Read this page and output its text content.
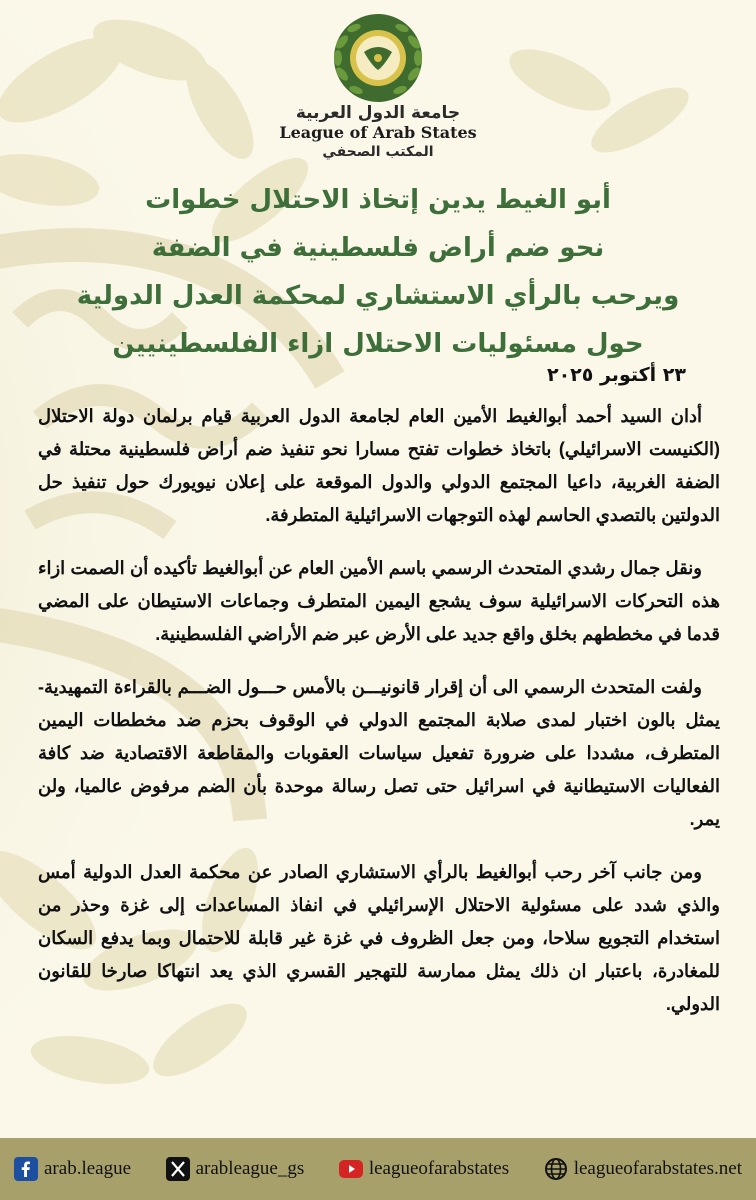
جامعة الدول العربية
League of Arab States
المكتب الصحفي
أبو الغيط يدين إتخاذ الاحتلال خطوات
نحو ضم أراض فلسطينية في الضفة
ويرحب بالرأي الاستشاري لمحكمة العدل الدولية
حول مسئوليات الاحتلال ازاء الفلسطينيين
٢٣ أكتوبر ٢٠٢٥

أدان السيد أحمد أبوالغيط الأمين العام لجامعة الدول العربية قيام برلمان دولة الاحتلال (الكنيست الاسرائيلي) باتخاذ خطوات تفتح مسارا نحو تنفيذ ضم أراض فلسطينية محتلة في الضفة الغربية، داعيا المجتمع الدولي والدول الموقعة على إعلان نيويورك حول تنفيذ حل الدولتين بالتصدي الحاسم لهذه التوجهات الاسرائيلية المتطرفة.

ونقل جمال رشدي المتحدث الرسمي باسم الأمين العام عن أبوالغيط تأكيده أن الصمت ازاء هذه التحركات الاسرائيلية سوف يشجع اليمين المتطرف وجماعات الاستيطان على المضي قدما في مخططهم بخلق واقع جديد على الأرض عبر ضم الأراضي الفلسطينية.

ولفت المتحدث الرسمي الى أن إقرار قانونيـــن بالأمس حـــول الضـــم بالقراءة التمهيدية- يمثل بالون اختبار لمدى صلابة المجتمع الدولي في الوقوف بحزم ضد مخططات اليمين المتطرف، مشددا على ضرورة تفعيل سياسات العقوبات والمقاطعة الاقتصادية ضد كافة الفعاليات الاستيطانية في اسرائيل حتى تصل رسالة موحدة بأن الضم مرفوض عالميا، ولن يمر.

ومن جانب آخر رحب أبوالغيط بالرأي الاستشاري الصادر عن محكمة العدل الدولية أمس والذي شدد على مسئولية الاحتلال الإسرائيلي في انفاذ المساعدات إلى غزة وحذر من استخدام التجويع سلاحا، ومن جعل الظروف في غزة غير قابلة للاحتمال وبما يدفع السكان للمغادرة، باعتبار ان ذلك يمثل ممارسة للتهجير القسري الذي يعد انتهاكا صارخا للقانون الدولي.

arab.league	arableague_gs	leagueofarabstates	leagueofarabstates.net
